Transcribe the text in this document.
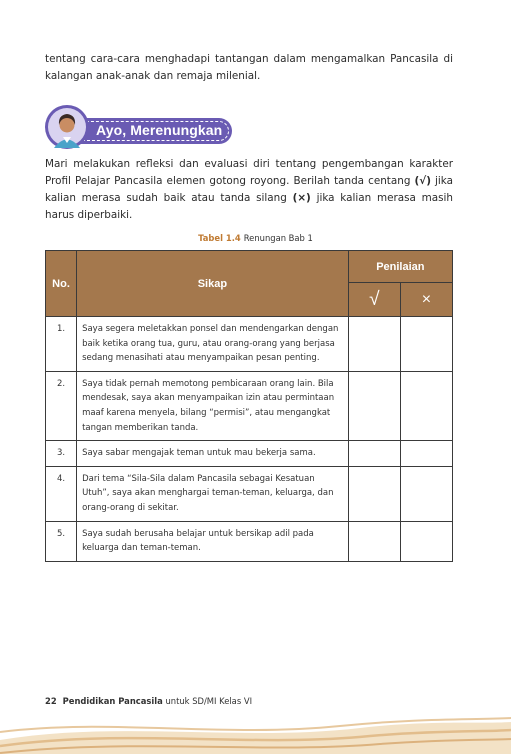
tentang cara-cara menghadapi tantangan dalam mengamalkan Pancasila di kalangan anak-anak dan remaja milenial.

Ayo, Merenungkan

Mari melakukan refleksi dan evaluasi diri tentang pengembangan karakter Profil Pelajar Pancasila elemen gotong royong. Berilah tanda centang (√) jika kalian merasa sudah baik atau tanda silang (×) jika kalian merasa masih harus diperbaiki.

Tabel 1.4 Renungan Bab 1
No.	Sikap	Penilaian	
		√	×
1.	Saya segera meletakkan ponsel dan mendengarkan dengan baik ketika orang tua, guru, atau orang-orang yang berjasa sedang menasihati atau menyampaikan pesan penting.		
2.	Saya tidak pernah memotong pembicaraan orang lain. Bila mendesak, saya akan menyampaikan izin atau permintaan maaf karena menyela, bilang “permisi”, atau mengangkat tangan memberikan tanda.		
3.	Saya sabar mengajak teman untuk mau bekerja sama.		
4.	Dari tema “Sila-Sila dalam Pancasila sebagai Kesatuan Utuh”, saya akan menghargai teman-teman, keluarga, dan orang-orang di sekitar.		
5.	Saya sudah berusaha belajar untuk bersikap adil pada keluarga dan teman-teman.		
22 Pendidikan Pancasila untuk SD/MI Kelas VI
